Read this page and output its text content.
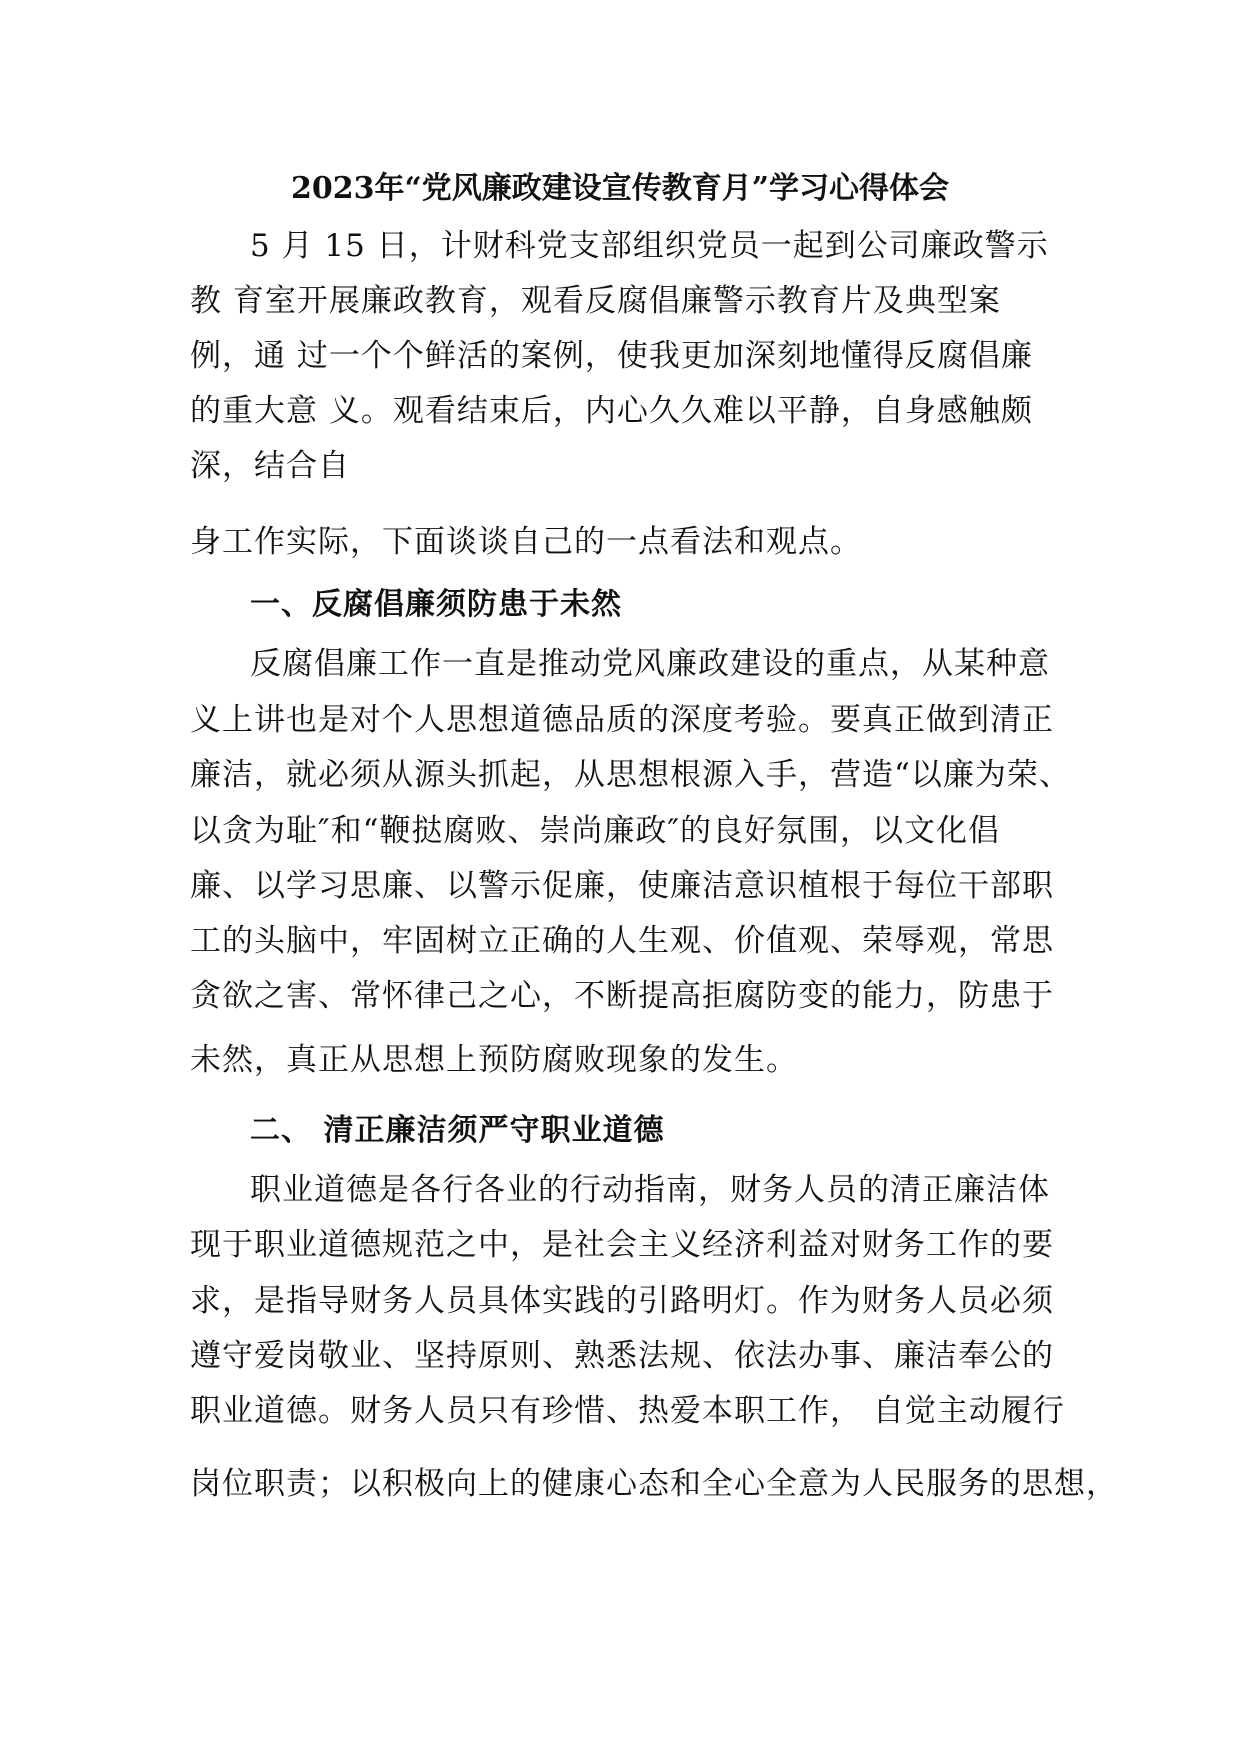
2023年“党风廉政建设宣传教育月”学习心得体会
5 月 15 日，计财科党支部组织党员一起到公司廉政警示
教 育室开展廉政教育，观看反腐倡廉警示教育片及典型案
例，通 过一个个鲜活的案例，使我更加深刻地懂得反腐倡廉
的重大意 义。观看结束后，内心久久难以平静，自身感触颇
深，结合自
身工作实际，下面谈谈自己的一点看法和观点。
一、反腐倡廉须防患于未然
反腐倡廉工作一直是推动党风廉政建设的重点，从某种意
义上讲也是对个人思想道德品质的深度考验。要真正做到清正
廉洁，就必须从源头抓起，从思想根源入手，营造“以廉为荣、
以贪为耻″和“鞭挞腐败、崇尚廉政″的良好氛围，以文化倡
廉、以学习思廉、以警示促廉，使廉洁意识植根于每位干部职
工的头脑中，牢固树立正确的人生观、价值观、荣辱观，常思
贪欲之害、常怀律己之心，不断提高拒腐防变的能力，防患于
未然，真正从思想上预防腐败现象的发生。
二、 清正廉洁须严守职业道德
职业道德是各行各业的行动指南，财务人员的清正廉洁体
现于职业道德规范之中，是社会主义经济利益对财务工作的要
求，是指导财务人员具体实践的引路明灯。作为财务人员必须
遵守爱岗敬业、坚持原则、熟悉法规、依法办事、廉洁奉公的
职业道德。财务人员只有珍惜、热爱本职工作， 自觉主动履行
岗位职责；以积极向上的健康心态和全心全意为人民服务的思想，
